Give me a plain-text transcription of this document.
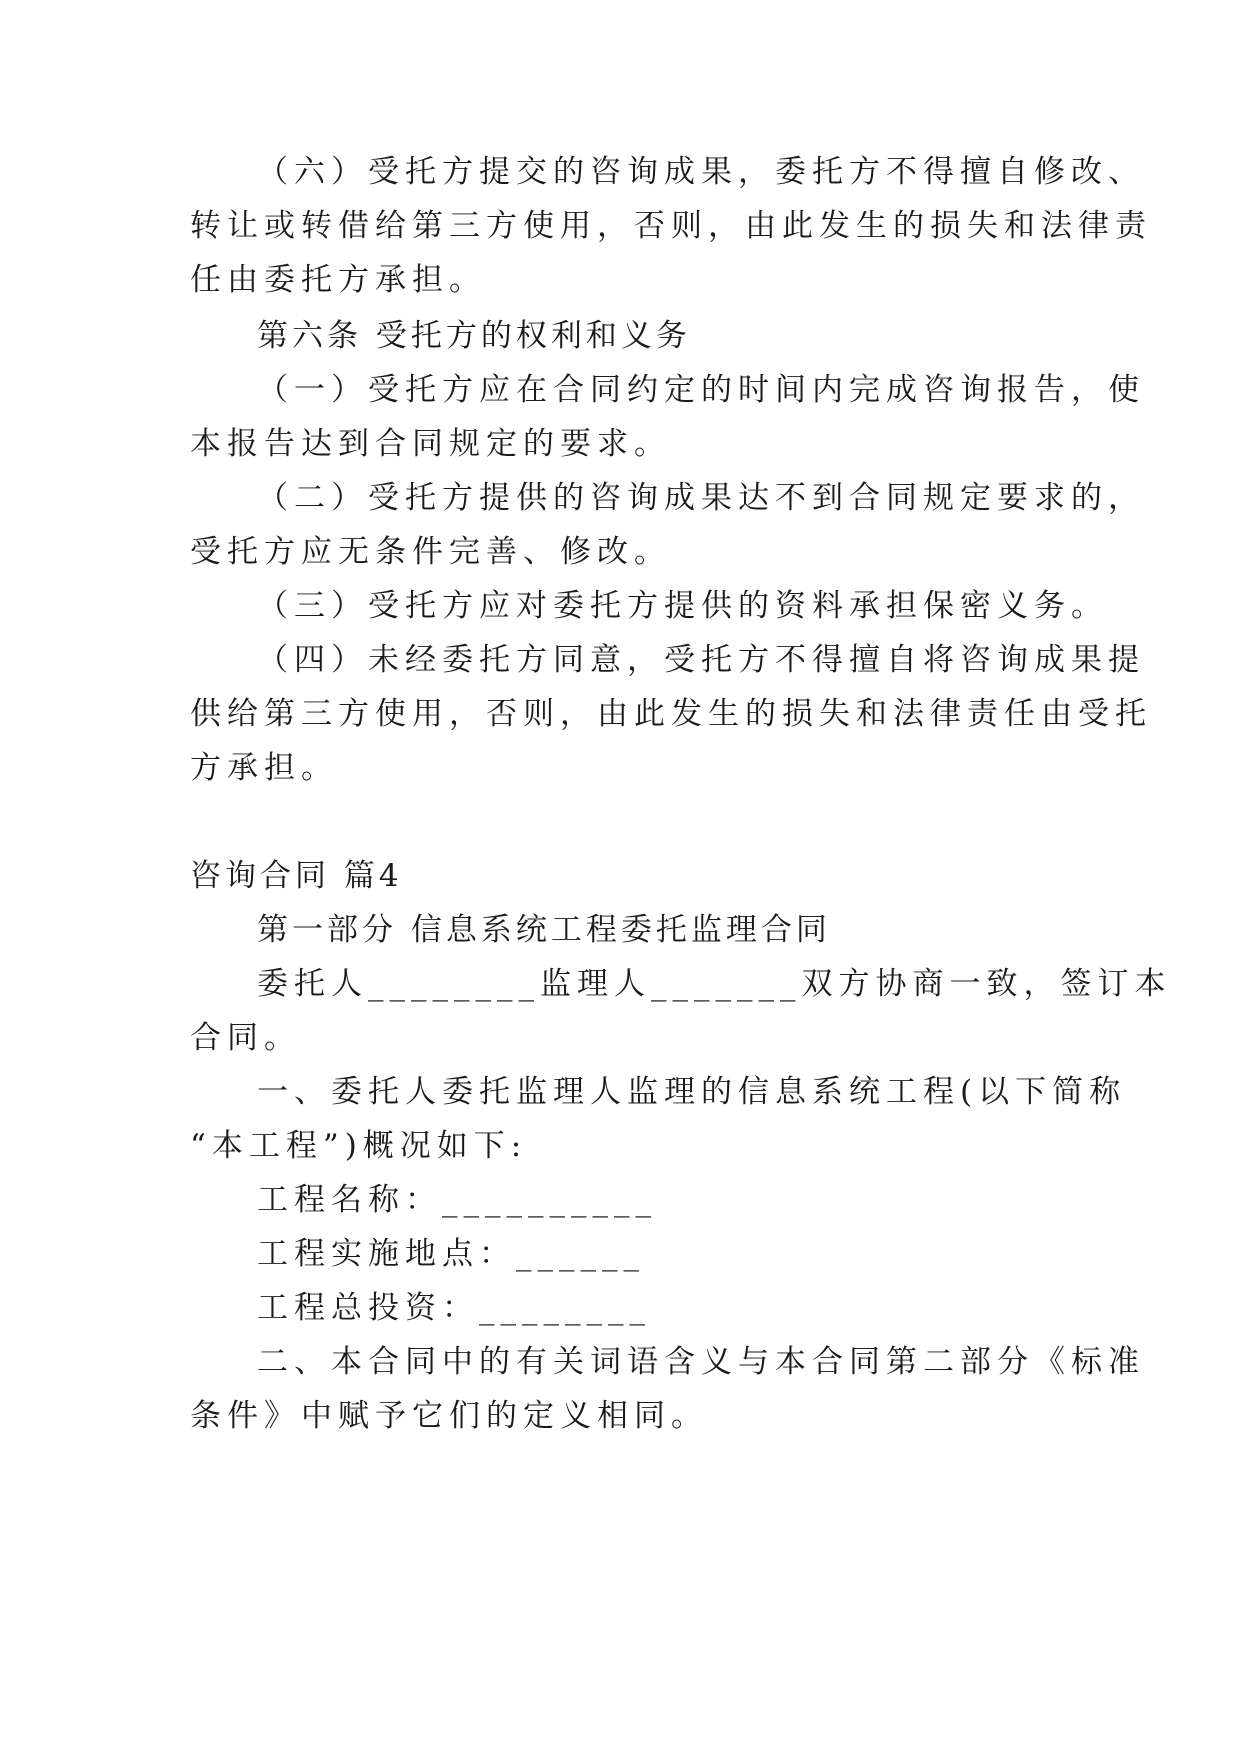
（六）受托方提交的咨询成果，委托方不得擅自修改、
转让或转借给第三方使用，否则，由此发生的损失和法律责
任由委托方承担。
第六条 受托方的权利和义务
（一）受托方应在合同约定的时间内完成咨询报告，使
本报告达到合同规定的要求。
（二）受托方提供的咨询成果达不到合同规定要求的，
受托方应无条件完善、修改。
（三）受托方应对委托方提供的资料承担保密义务。
（四）未经委托方同意，受托方不得擅自将咨询成果提
供给第三方使用，否则，由此发生的损失和法律责任由受托
方承担。
咨询合同 篇4
第一部分 信息系统工程委托监理合同
委托人________监理人_______双方协商一致，签订本
合同。
一、委托人委托监理人监理的信息系统工程(以下简称
“本工程”)概况如下:
工程名称：__________
工程实施地点：______
工程总投资：________
二、本合同中的有关词语含义与本合同第二部分《标准
条件》中赋予它们的定义相同。
